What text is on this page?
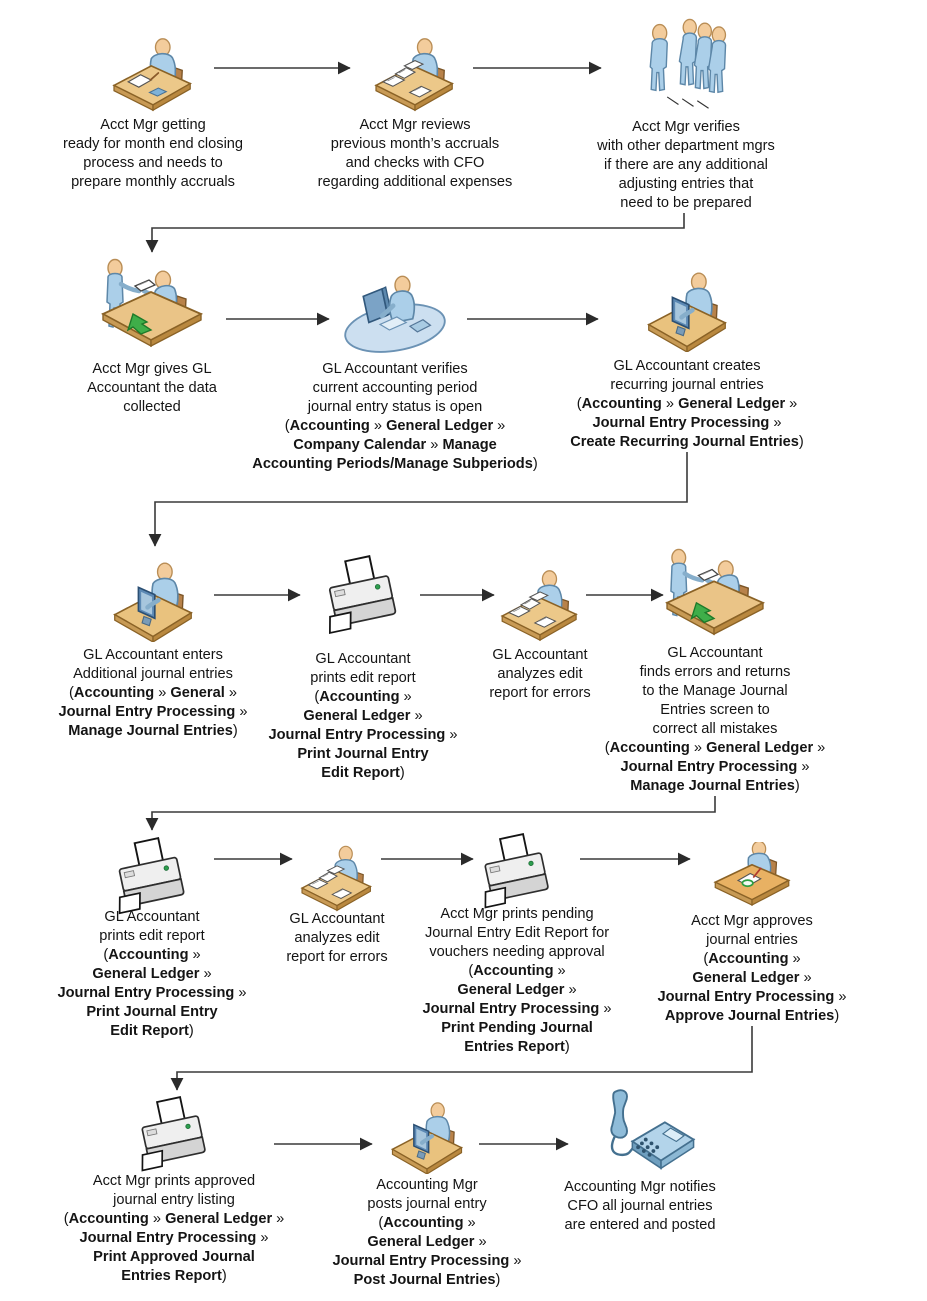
Acct Mgr getting
ready for month end closing
process and needs to
prepare monthly accruals
Acct Mgr reviews
previous month’s accruals
and checks with CFO
regarding additional expenses
Acct Mgr verifies
with other department mgrs
if there are any additional
adjusting entries that
need to be prepared
Acct Mgr gives GL
Accountant the data
collected
GL Accountant verifies
current accounting period
journal entry status is open
(Accounting » General Ledger »
Company Calendar » Manage
Accounting Periods/Manage Subperiods)
GL Accountant creates
recurring journal entries
(Accounting » General Ledger »
Journal Entry Processing »
Create Recurring Journal Entries)
GL Accountant enters
Additional journal entries
(Accounting » General »
Journal Entry Processing »
Manage Journal Entries)
GL Accountant
prints edit report
(Accounting »
General Ledger »
Journal Entry Processing »
Print Journal Entry
Edit Report)
GL Accountant
analyzes edit
report for errors
GL Accountant
finds errors and returns
to the Manage Journal
Entries screen to
correct all mistakes
(Accounting » General Ledger »
Journal Entry Processing »
Manage Journal Entries)
GL Accountant
prints edit report
(Accounting »
General Ledger »
Journal Entry Processing »
Print Journal Entry
Edit Report)
GL Accountant
analyzes edit
report for errors
Acct Mgr prints pending
Journal Entry Edit Report for
vouchers needing approval
(Accounting »
General Ledger »
Journal Entry Processing »
Print Pending Journal
Entries Report)
Acct Mgr approves
journal entries
(Accounting »
General Ledger »
Journal Entry Processing »
Approve Journal Entries)
Acct Mgr prints approved
journal entry listing
(Accounting » General Ledger »
Journal Entry Processing »
Print Approved Journal
Entries Report)
Accounting Mgr
posts journal entry
(Accounting »
General Ledger »
Journal Entry Processing »
Post Journal Entries)
Accounting Mgr notifies
CFO all journal entries
are entered and posted
